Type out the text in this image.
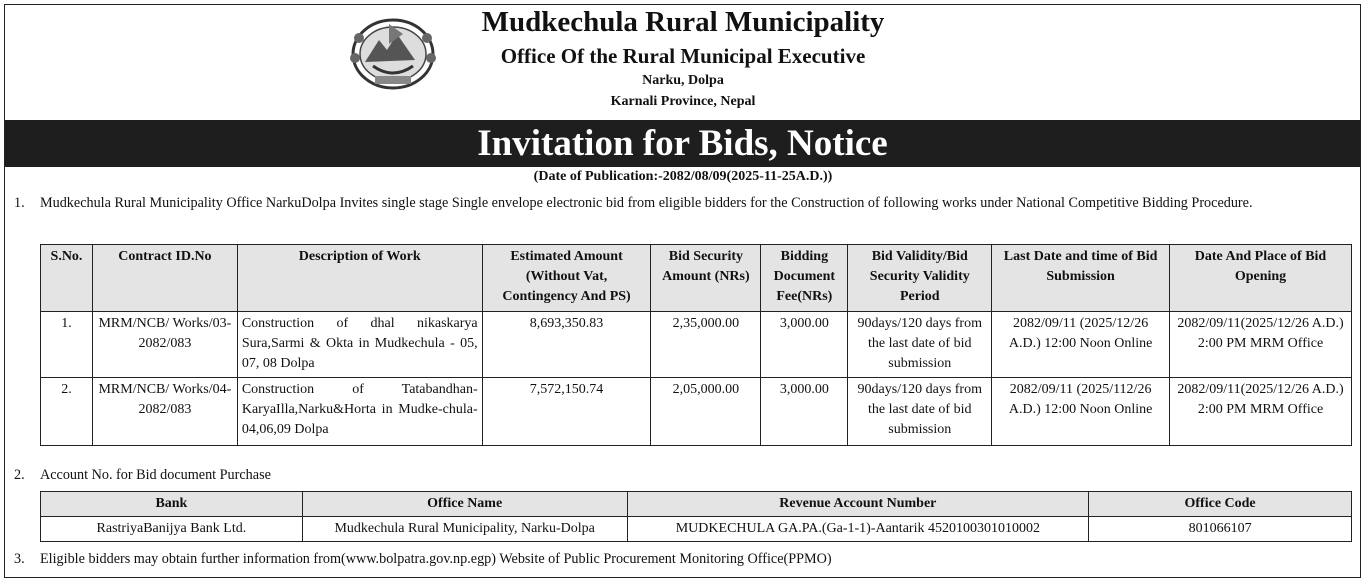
Mudkechula Rural Municipality
Office Of the Rural Municipal Executive
Narku, Dolpa
Karnali Province, Nepal
Invitation for Bids, Notice
(Date of Publication:-2082/08/09(2025-11-25A.D.))
1. Mudkechula Rural Municipality Office NarkuDolpa Invites single stage Single envelope electronic bid from eligible bidders for the Construction of following works under National Competitive Bidding Procedure.
S.No.	Contract ID.No	Description of Work	Estimated Amount (Without Vat, Contingency And PS)	Bid Security Amount (NRs)	Bidding Document Fee(NRs)	Bid Validity/Bid Security Validity Period	Last Date and time of Bid Submission	Date And Place of Bid Opening
1.	MRM/NCB/ Works/03-2082/083	Construction of dhal nikaskarya Sura,Sarmi & Okta in Mudkechula - 05, 07, 08 Dolpa	8,693,350.83	2,35,000.00	3,000.00	90days/120 days from the last date of bid submission	2082/09/11 (2025/12/26 A.D.) 12:00 Noon Online	2082/09/11(2025/12/26 A.D.) 2:00 PM MRM Office
2.	MRM/NCB/ Works/04-2082/083	Construction of Tatabandhan-KaryaIlla,Narku&Horta in Mudke-chula-04,06,09 Dolpa	7,572,150.74	2,05,000.00	3,000.00	90days/120 days from the last date of bid submission	2082/09/11 (2025/112/26 A.D.) 12:00 Noon Online	2082/09/11(2025/12/26 A.D.) 2:00 PM MRM Office
2. Account No. for Bid document Purchase
Bank	Office Name	Revenue Account Number	Office Code
RastriyaBanijya Bank Ltd.	Mudkechula Rural Municipality, Narku-Dolpa	MUDKECHULA GA.PA.(Ga-1-1)-Aantarik 4520100301010002	801066107
3. Eligible bidders may obtain further information from(www.bolpatra.gov.np.egp) Website of Public Procurement Monitoring Office(PPMO)
